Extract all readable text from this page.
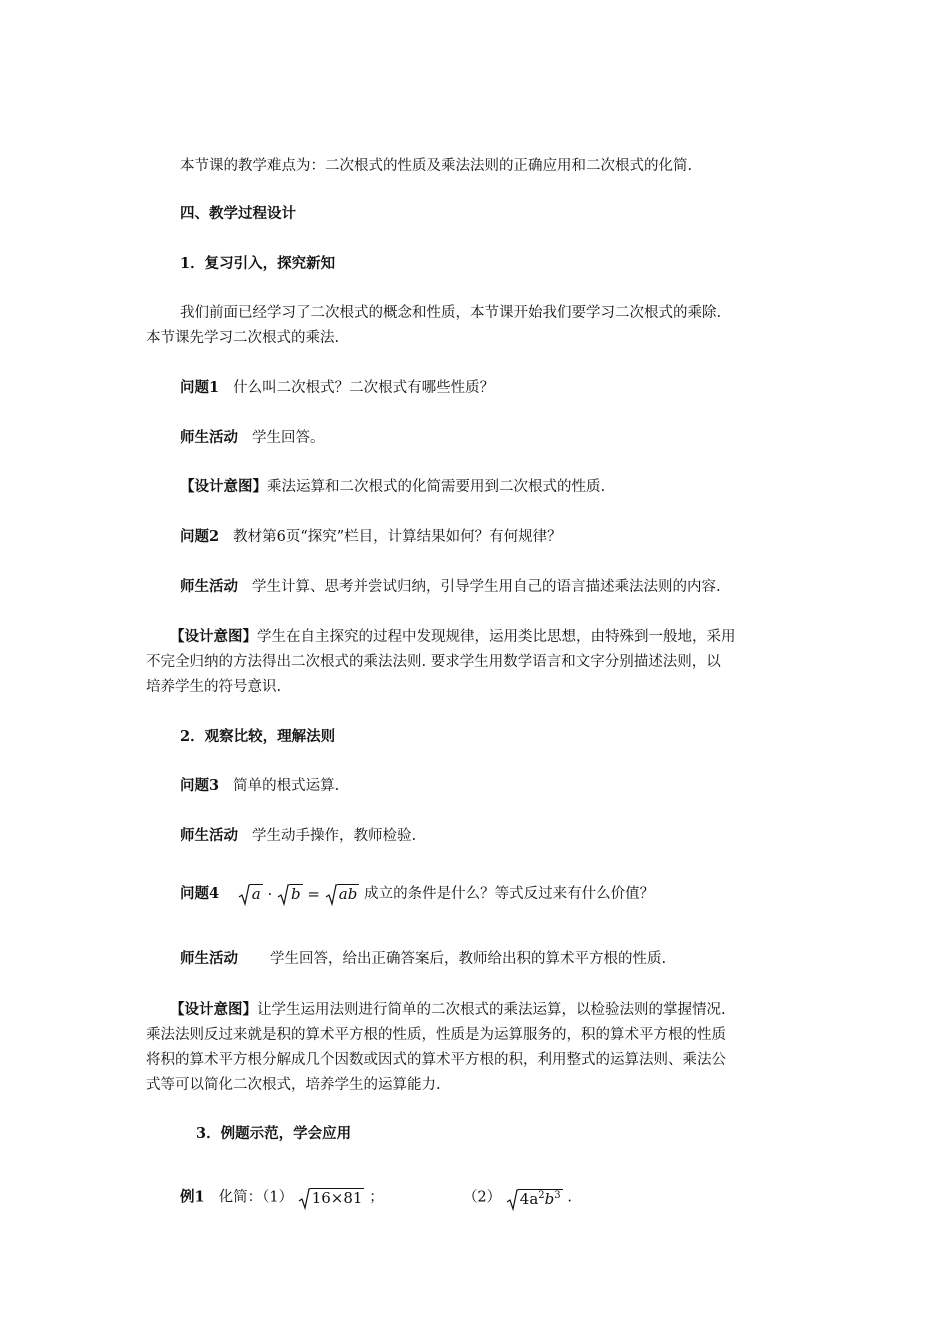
本节课的教学难点为：二次根式的性质及乘法法则的正确应用和二次根式的化简.
四、教学过程设计
1．复习引入，探究新知
我们前面已经学习了二次根式的概念和性质，本节课开始我们要学习二次根式的乘除.
本节课先学习二次根式的乘法.
问题1 什么叫二次根式？二次根式有哪些性质？
师生活动 学生回答。
【设计意图】乘法运算和二次根式的化简需要用到二次根式的性质.
问题2 教材第6页“探究”栏目，计算结果如何？有何规律？
师生活动 学生计算、思考并尝试归纳，引导学生用自己的语言描述乘法法则的内容.
【设计意图】学生在自主探究的过程中发现规律，运用类比思想，由特殊到一般地，采用
不完全归纳的方法得出二次根式的乘法法则. 要求学生用数学语言和文字分别描述法则，以
培养学生的符号意识.
2．观察比较，理解法则
问题3 简单的根式运算.
师生活动 学生动手操作，教师检验.
问题4 a · b = ab 成立的条件是什么？等式反过来有什么价值？
师生活动 学生回答，给出正确答案后，教师给出积的算术平方根的性质.
【设计意图】让学生运用法则进行简单的二次根式的乘法运算，以检验法则的掌握情况.
乘法法则反过来就是积的算术平方根的性质，性质是为运算服务的，积的算术平方根的性质
将积的算术平方根分解成几个因数或因式的算术平方根的积，利用整式的运算法则、乘法公
式等可以简化二次根式，培养学生的运算能力.
3．例题示范，学会应用
例1 化简：（1） 16×81 ；	（2） $4a^2b^3$ .
